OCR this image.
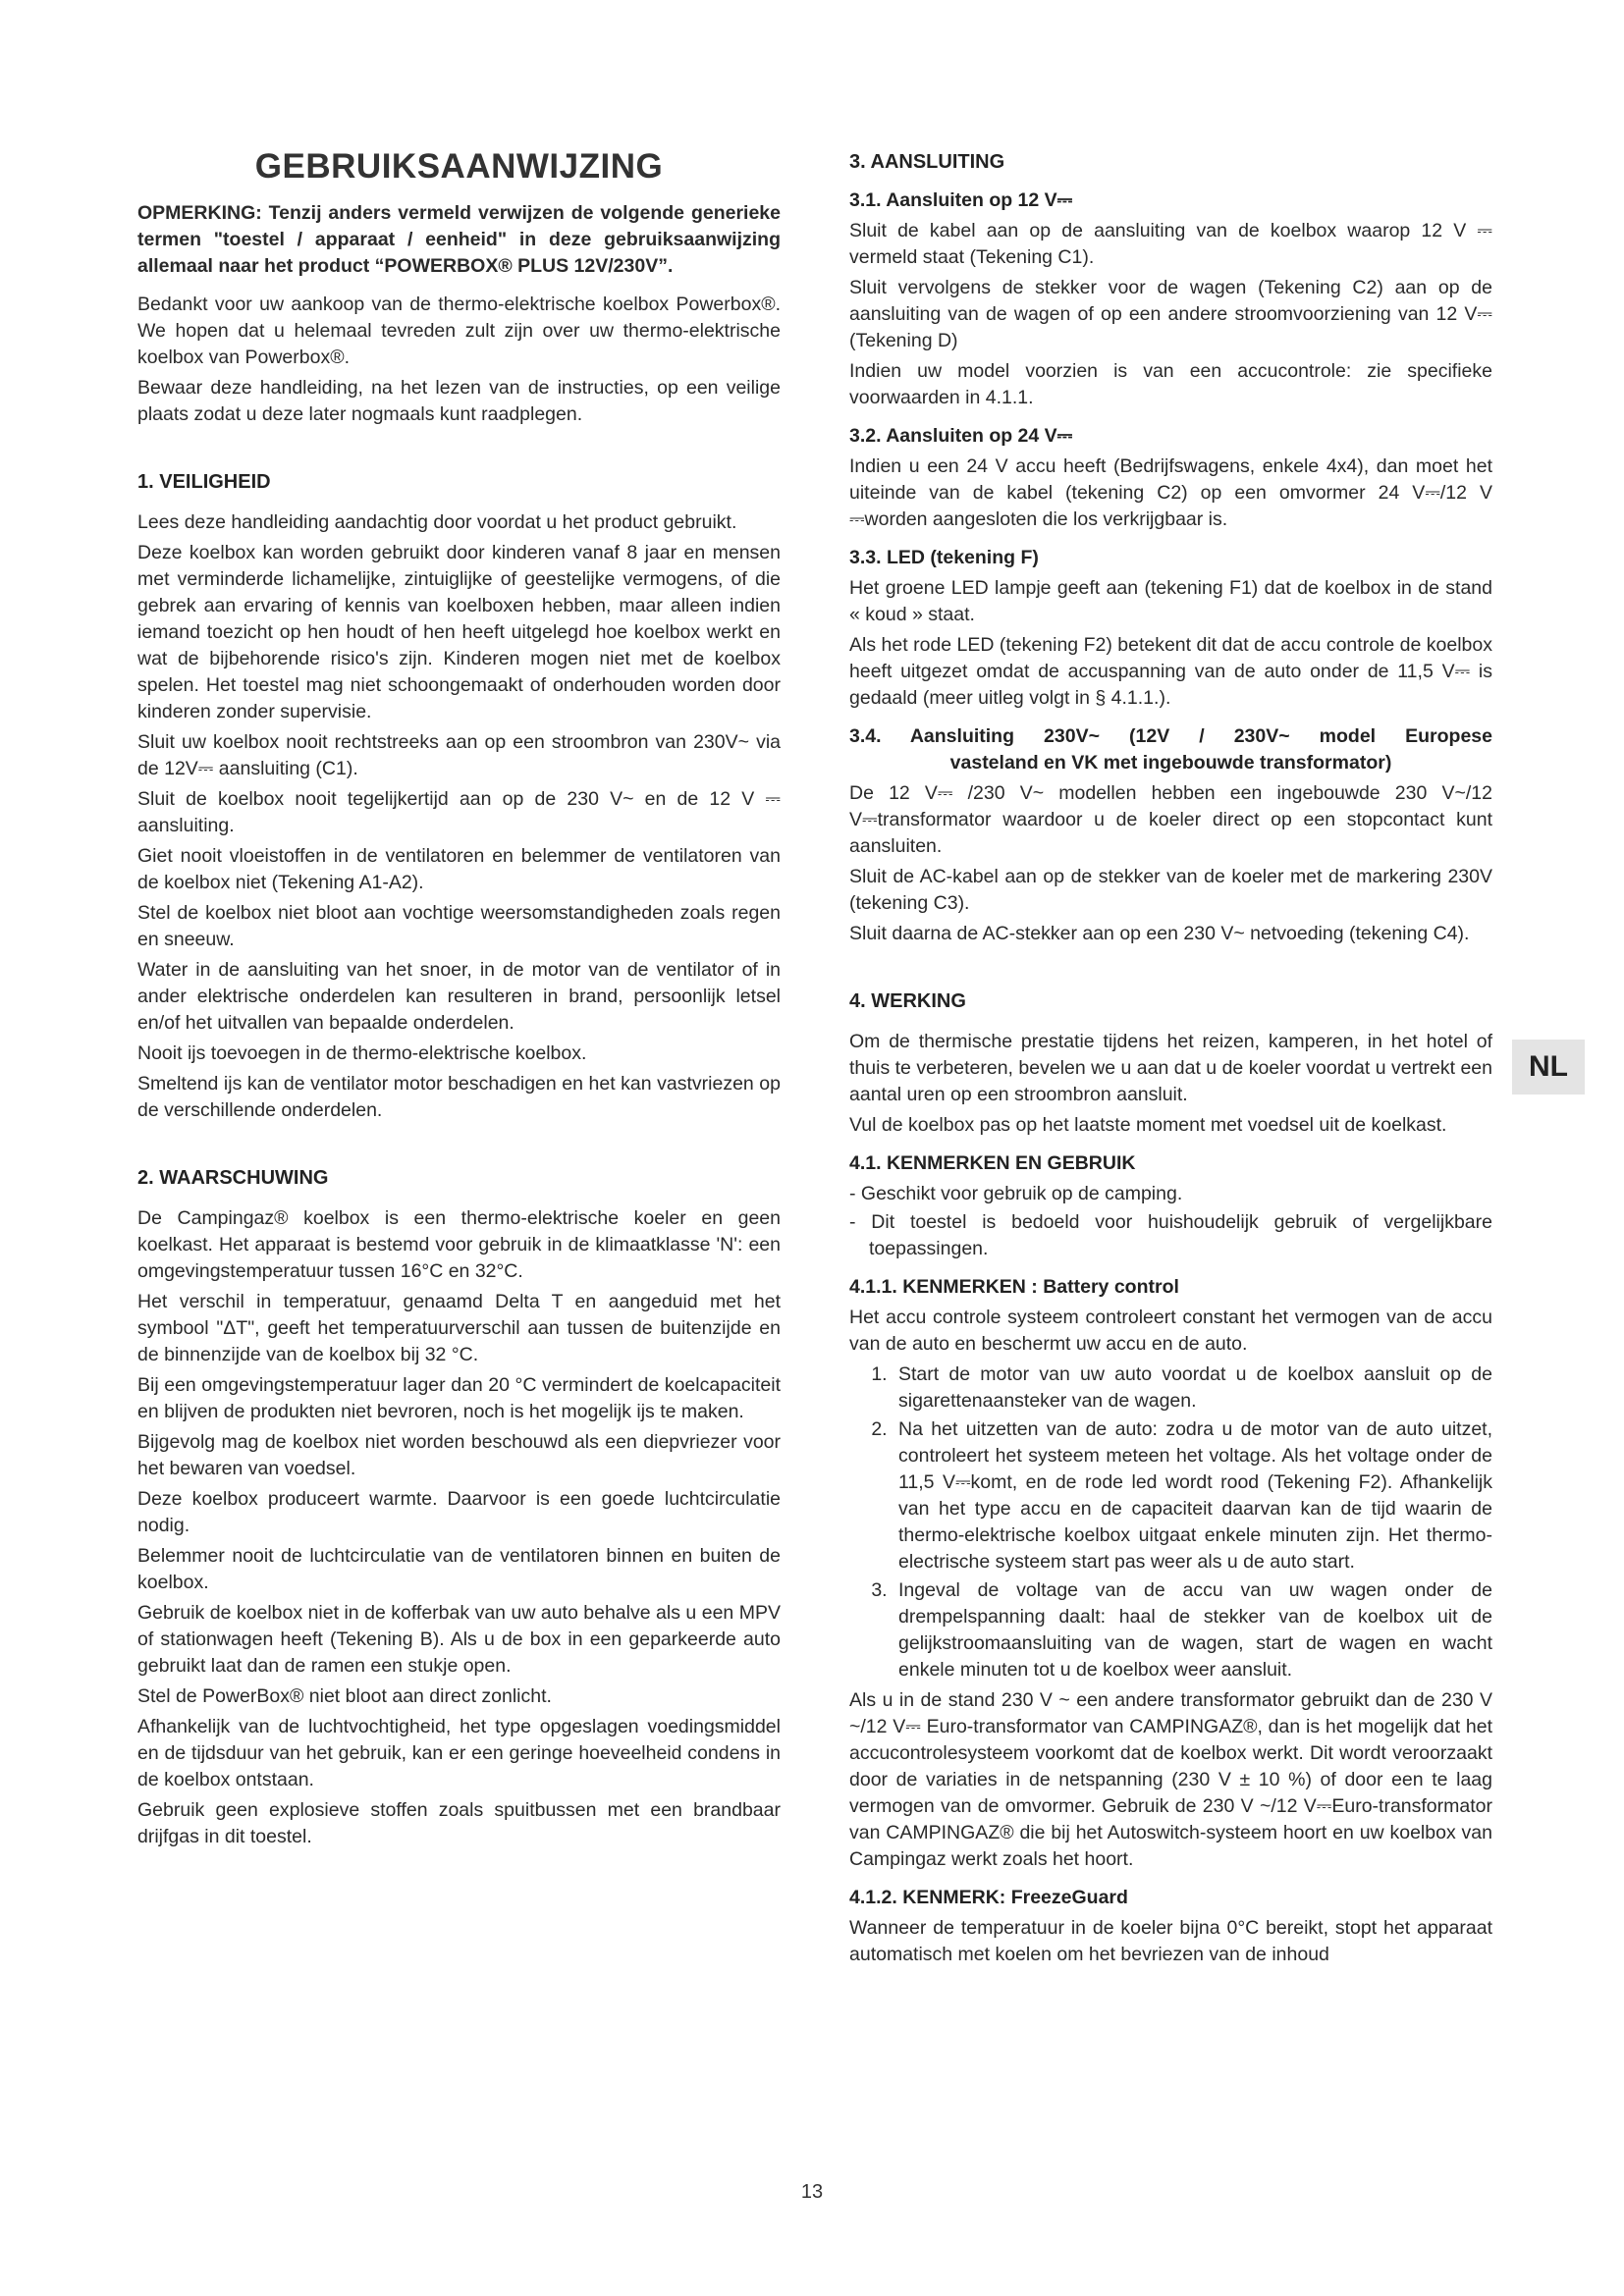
GEBRUIKSAANWIJZING

OPMERKING: Tenzij anders vermeld verwijzen de volgende generieke termen "toestel / apparaat / eenheid" in deze gebruiksaanwijzing allemaal naar het product “POWERBOX® PLUS 12V/230V”.

Bedankt voor uw aankoop van de thermo-elektrische koelbox Powerbox®. We hopen dat u helemaal tevreden zult zijn over uw thermo-elektrische koelbox van Powerbox®.

Bewaar deze handleiding, na het lezen van de instructies, op een veilige plaats zodat u deze later nogmaals kunt raadplegen.

1. VEILIGHEID

Lees deze handleiding aandachtig door voordat u het product gebruikt.

Deze koelbox kan worden gebruikt door kinderen vanaf 8 jaar en mensen met verminderde lichamelijke, zintuiglijke of geestelijke vermogens, of die gebrek aan ervaring of kennis van koelboxen hebben, maar alleen indien iemand toezicht op hen houdt of hen heeft uitgelegd hoe koelbox werkt en wat de bijbehorende risico's zijn. Kinderen mogen niet met de koelbox spelen. Het toestel mag niet schoongemaakt of onderhouden worden door kinderen zonder supervisie.

Sluit uw koelbox nooit rechtstreeks aan op een stroombron van 230V~ via de 12V⎓ aansluiting (C1).

Sluit de koelbox nooit tegelijkertijd aan op de 230 V~ en de 12 V ⎓ aansluiting.

Giet nooit vloeistoffen in de ventilatoren en belemmer de ventilatoren van de koelbox niet (Tekening A1-A2).

Stel de koelbox niet bloot aan vochtige weersomstandigheden zoals regen en sneeuw.

Water in de aansluiting van het snoer, in de motor van de ventilator of in ander elektrische onderdelen kan resulteren in brand, persoonlijk letsel en/of het uitvallen van bepaalde onderdelen.

Nooit ijs toevoegen in de thermo-elektrische koelbox.

Smeltend ijs kan de ventilator motor beschadigen en het kan vastvriezen op de verschillende onderdelen.

2. WAARSCHUWING

De Campingaz® koelbox is een thermo-elektrische koeler en geen koelkast. Het apparaat is bestemd voor gebruik in de klimaatklasse 'N': een omgevingstemperatuur tussen 16°C en 32°C.

Het verschil in temperatuur, genaamd Delta T en aangeduid met het symbool "ΔT", geeft het temperatuurverschil aan tussen de buitenzijde en de binnenzijde van de koelbox bij 32 °C.

Bij een omgevingstemperatuur lager dan 20 °C vermindert de koelcapaciteit en blijven de produkten niet bevroren, noch is het mogelijk ijs te maken.

Bijgevolg mag de koelbox niet worden beschouwd als een diepvriezer voor het bewaren van voedsel.

Deze koelbox produceert warmte. Daarvoor is een goede luchtcirculatie nodig.

Belemmer nooit de luchtcirculatie van de ventilatoren binnen en buiten de koelbox.

Gebruik de koelbox niet in de kofferbak van uw auto behalve als u een MPV of stationwagen heeft (Tekening B). Als u de box in een geparkeerde auto gebruikt laat dan de ramen een stukje open.

Stel de PowerBox® niet bloot aan direct zonlicht.

Afhankelijk van de luchtvochtigheid, het type opgeslagen voedingsmiddel en de tijdsduur van het gebruik, kan er een geringe hoeveelheid condens in de koelbox ontstaan.

Gebruik geen explosieve stoffen zoals spuitbussen met een brandbaar drijfgas in dit toestel.

3. AANSLUITING
3.1. Aansluiten op 12 V⎓

Sluit de kabel aan op de aansluiting van de koelbox waarop 12 V ⎓ vermeld staat (Tekening C1).

Sluit vervolgens de stekker voor de wagen (Tekening C2) aan op de aansluiting van de wagen of op een andere stroomvoorziening van 12 V⎓ (Tekening D)

Indien uw model voorzien is van een accucontrole: zie specifieke voorwaarden in 4.1.1.

3.2. Aansluiten op 24 V⎓

Indien u een 24 V accu heeft (Bedrijfswagens, enkele 4x4), dan moet het uiteinde van de kabel (tekening C2) op een omvormer 24 V⎓/12 V ⎓worden aangesloten die los verkrijgbaar is.

3.3. LED (tekening F)

Het groene LED lampje geeft aan (tekening F1) dat de koelbox in de stand « koud » staat.

Als het rode LED (tekening F2) betekent dit dat de accu controle de koelbox heeft uitgezet omdat de accuspanning van de auto onder de 11,5 V⎓ is gedaald (meer uitleg volgt in § 4.1.1.).

3.4. Aansluiting 230V~ (12V / 230V~ model Europese
vasteland en VK met ingebouwde transformator)

De 12 V⎓ /230 V~ modellen hebben een ingebouwde 230 V~/12 V⎓transformator waardoor u de koeler direct op een stopcontact kunt aansluiten.

Sluit de AC-kabel aan op de stekker van de koeler met de markering 230V (tekening C3).

Sluit daarna de AC-stekker aan op een 230 V~ netvoeding (tekening C4).

4. WERKING

Om de thermische prestatie tijdens het reizen, kamperen, in het hotel of thuis te verbeteren, bevelen we u aan dat u de koeler voordat u vertrekt een aantal uren op een stroombron aansluit.

Vul de koelbox pas op het laatste moment met voedsel uit de koelkast.

4.1. KENMERKEN EN GEBRUIK
- Geschikt voor gebruik op de camping.
- Dit toestel is bedoeld voor huishoudelijk gebruik of vergelijkbare toepassingen.
4.1.1. KENMERKEN : Battery control

Het accu controle systeem controleert constant het vermogen van de accu van de auto en beschermt uw accu en de auto.

1. Start de motor van uw auto voordat u de koelbox aansluit op de sigarettenaansteker van de wagen.
2. Na het uitzetten van de auto: zodra u de motor van de auto uitzet, controleert het systeem meteen het voltage. Als het voltage onder de 11,5 V⎓komt, en de rode led wordt rood (Tekening F2). Afhankelijk van het type accu en de capaciteit daarvan kan de tijd waarin de thermo-elektrische koelbox uitgaat enkele minuten zijn. Het thermo-electrische systeem start pas weer als u de auto start.
3. Ingeval de voltage van de accu van uw wagen onder de drempelspanning daalt: haal de stekker van de koelbox uit de gelijkstroomaansluiting van de wagen, start de wagen en wacht enkele minuten tot u de koelbox weer aansluit.

Als u in de stand 230 V ~ een andere transformator gebruikt dan de 230 V ~/12 V⎓ Euro-transformator van CAMPINGAZ®, dan is het mogelijk dat het accucontrolesysteem voorkomt dat de koelbox werkt. Dit wordt veroorzaakt door de variaties in de netspanning (230 V ± 10 %) of door een te laag vermogen van de omvormer. Gebruik de 230 V ~/12 V⎓Euro-transformator van CAMPINGAZ® die bij het Autoswitch-systeem hoort en uw koelbox van Campingaz werkt zoals het hoort.

4.1.2. KENMERK: FreezeGuard

Wanneer de temperatuur in de koeler bijna 0°C bereikt, stopt het apparaat automatisch met koelen om het bevriezen van de inhoud

NL
13
